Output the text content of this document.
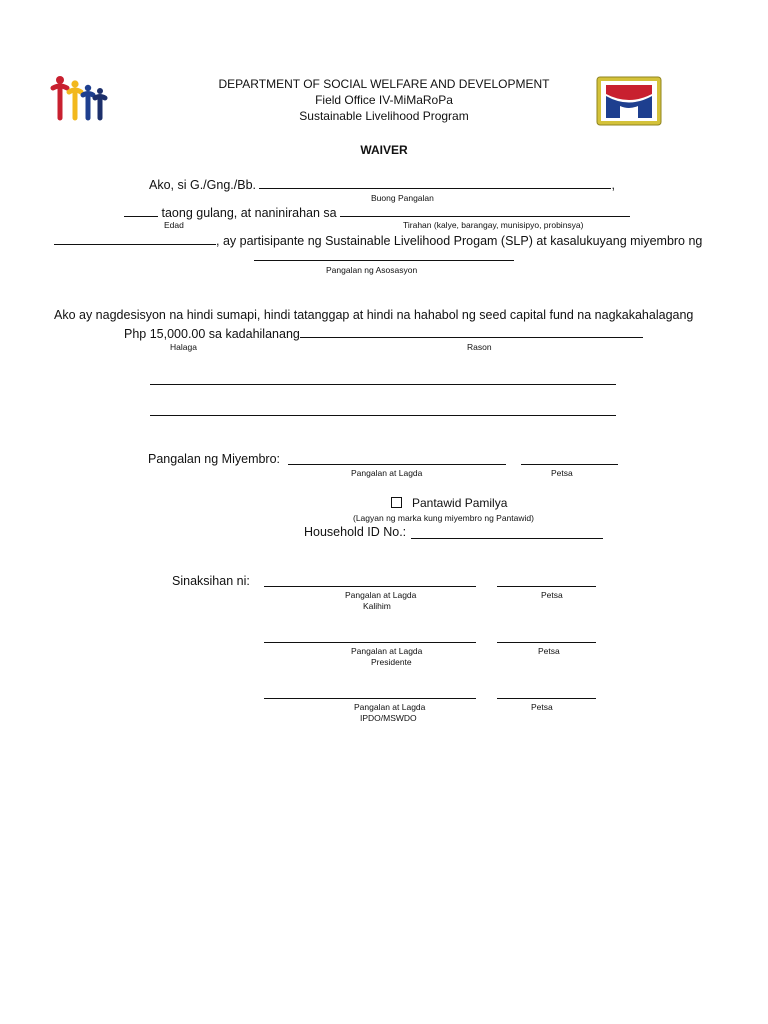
DEPARTMENT OF SOCIAL WELFARE AND DEVELOPMENT
Field Office IV-MiMaRoPa
Sustainable Livelihood Program
WAIVER
Ako, si G./Gng./Bb.	,
Buong Pangalan
taong gulang, at naninirahan sa
Edad	Tirahan (kalye, barangay, munisipyo, probinsya)
, ay partisipante ng Sustainable Livelihood Progam (SLP) at kasalukuyang miyembro ng
Pangalan ng Asosasyon
Ako ay nagdesisyon na hindi sumapi, hindi tatanggap at hindi na hahabol ng seed capital fund na nagkakahalagang
Php 15,000.00 sa kadahilanang
Halaga	Rason
Pangalan ng Miyembro:
Pangalan at Lagda	Petsa
Pantawid Pamilya
(Lagyan ng marka kung miyembro ng Pantawid)
Household ID No.:
Sinaksihan ni:
Pangalan at Lagda	Petsa
Kalihim
Pangalan at Lagda	Petsa
Presidente
Pangalan at Lagda	Petsa
IPDO/MSWDO
